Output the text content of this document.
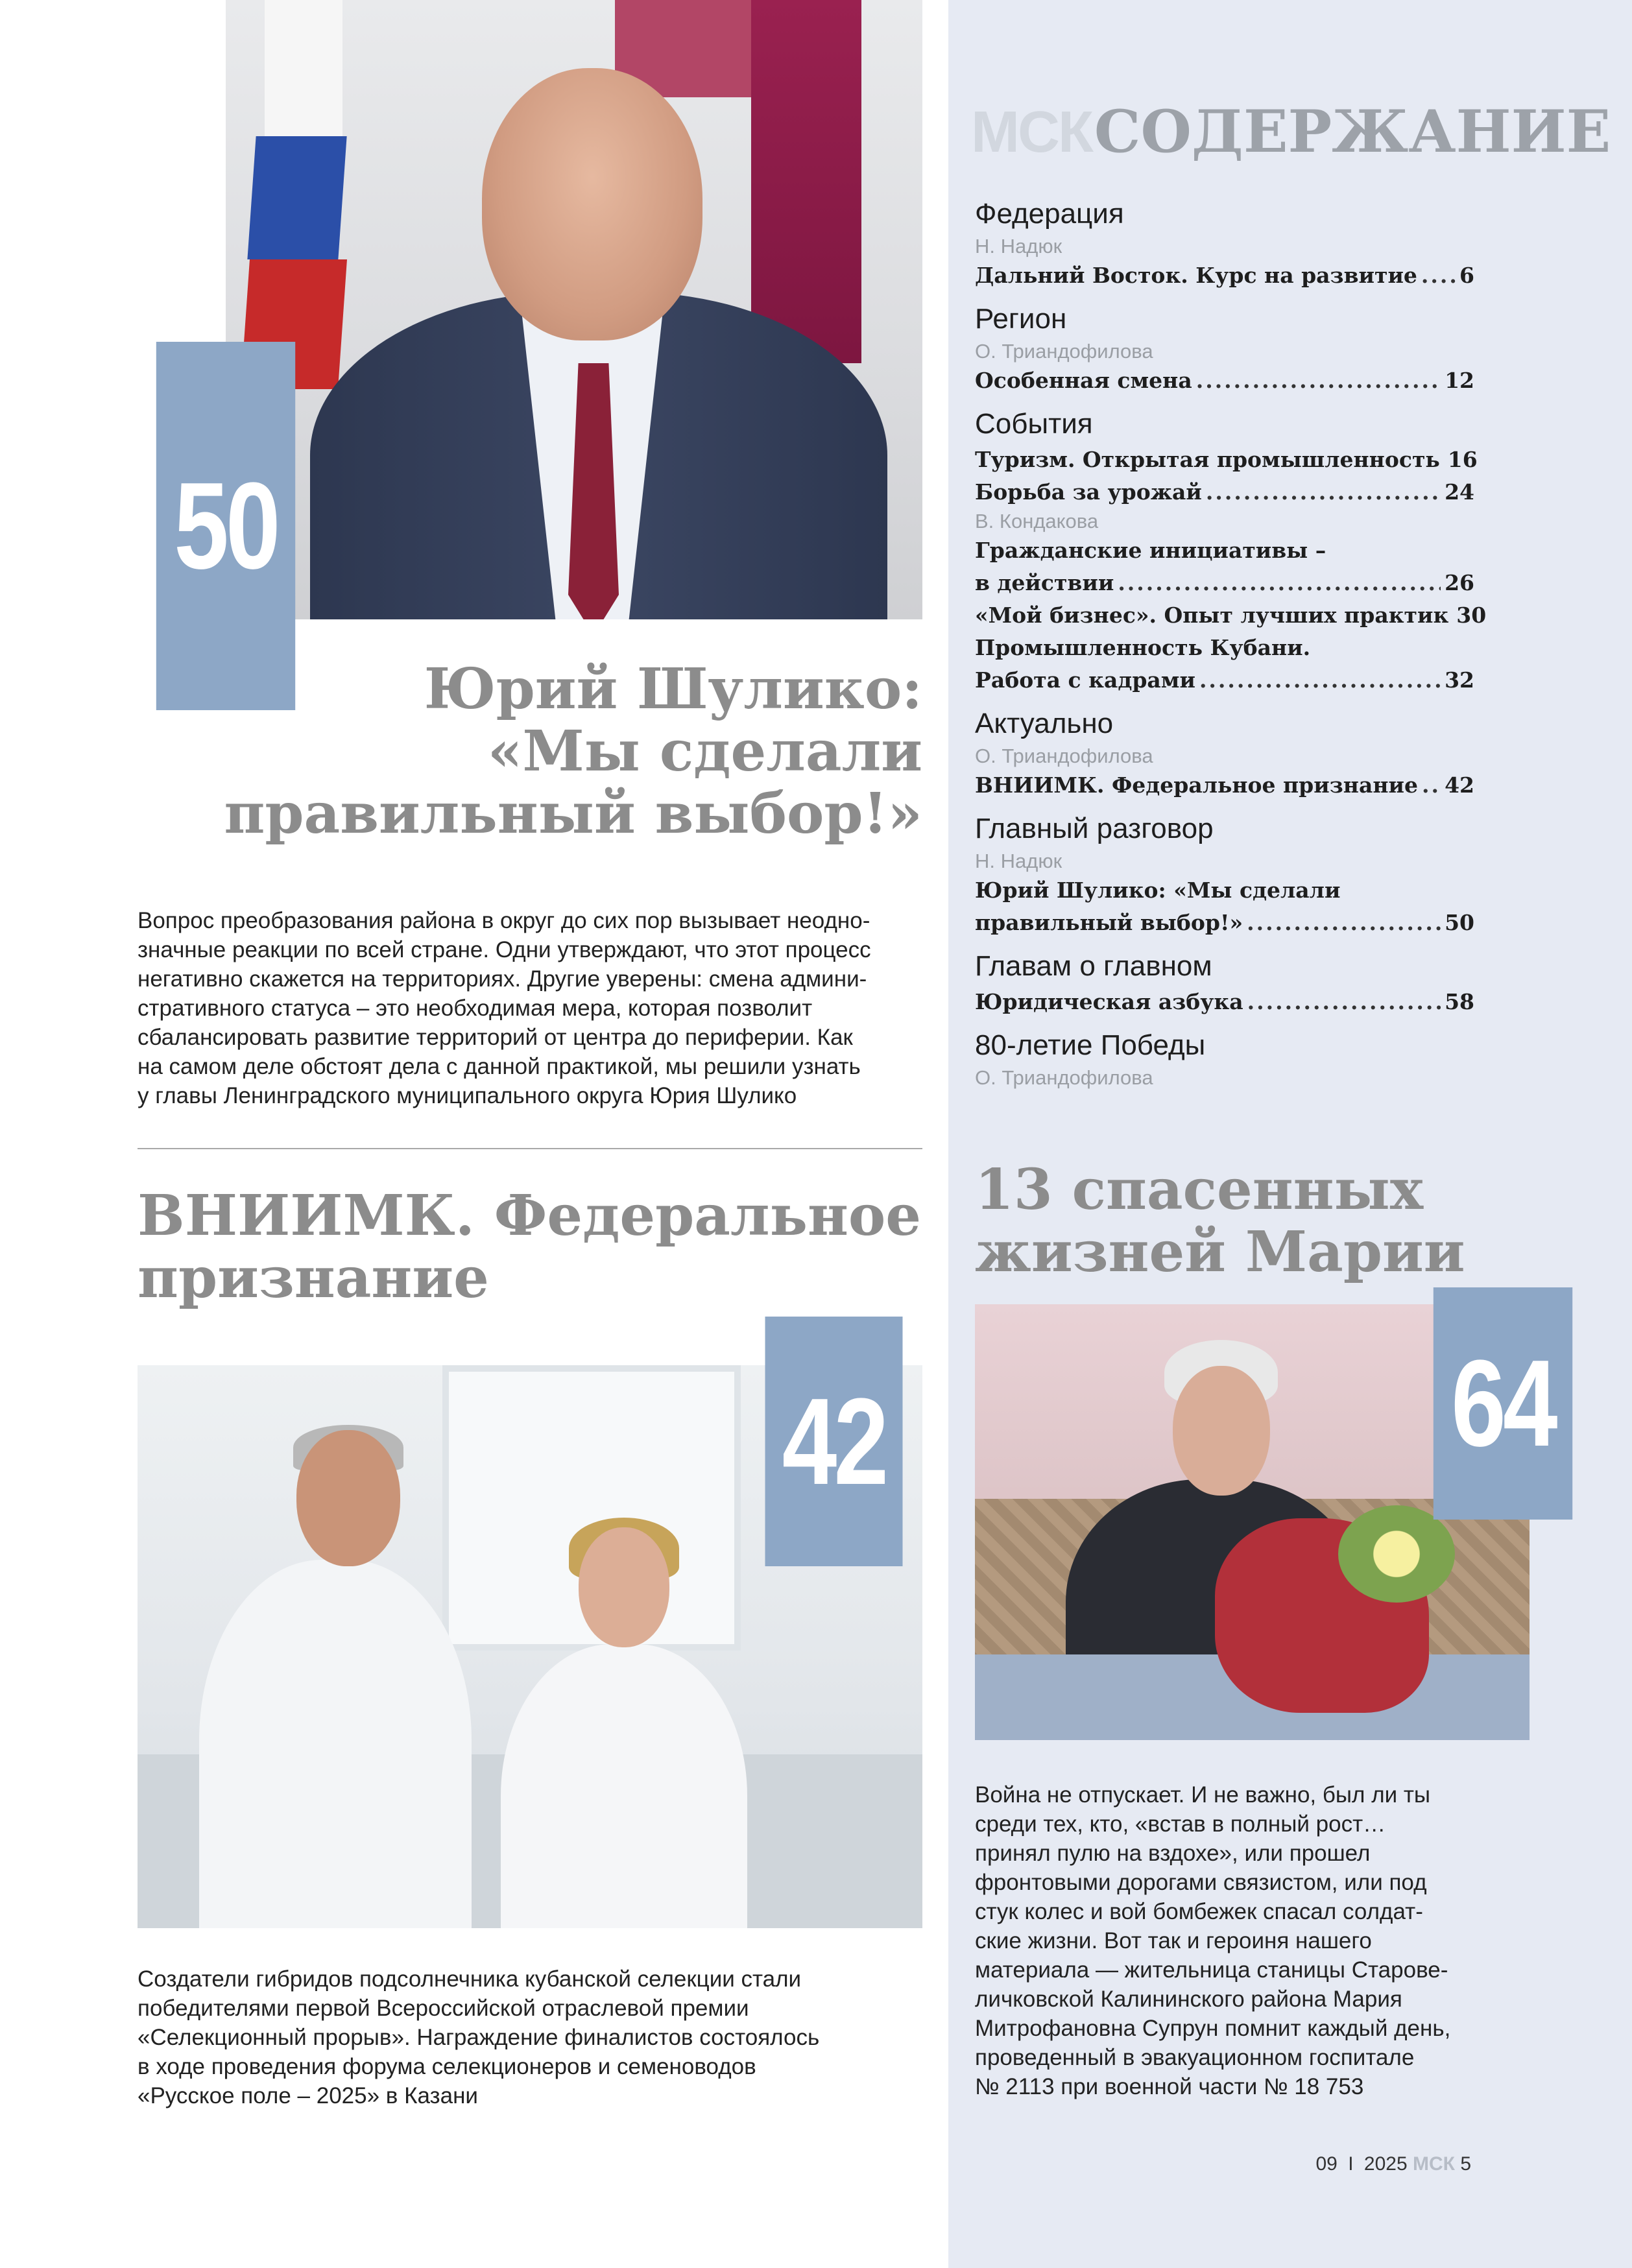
50
Юрий Шулико:
«Мы сделали
правильный выбор!»
Вопрос преобразования района в округ до сих пор вызывает неодно-
значные реакции по всей стране. Одни утверждают, что этот процесс
негативно скажется на территориях. Другие уверены: смена админи-
стративного статуса – это необходимая мера, которая позволит
сбалансировать развитие территорий от центра до периферии. Как
на самом деле обстоят дела с данной практикой, мы решили узнать
у главы Ленинградского муниципального округа Юрия Шулико
ВНИИМК. Федеральное
признание
42
Создатели гибридов подсолнечника кубанской селекции стали
победителями первой Всероссийской отраслевой премии
«Селекционный прорыв». Награждение финалистов состоялось
в ходе проведения форума селекционеров и семеноводов
«Русское поле – 2025» в Казани
МСКСОДЕРЖАНИЕ
Федерация
Н. Надюк
Дальний Восток. Курс на развитие ..... 6
Регион
О. Триандофилова
Особенная смена .....	12
События
Туризм. Открытая промышленность 16
Борьба за урожай .....	24
В. Кондакова
Гражданские инициативы –
в действии .....	26
«Мой бизнес». Опыт лучших практик 30
Промышленность Кубани.
Работа с кадрами .....	32
Актуально
О. Триандофилова
ВНИИМК. Федеральное признание ..... 42
Главный разговор
Н. Надюк
Юрий Шулико: «Мы сделали
правильный выбор!» .....	50
Главам о главном
Юридическая азбука .....	58
80-летие Победы
О. Триандофилова
13 спасенных
жизней Марии
64
Война не отпускает. И не важно, был ли ты
среди тех, кто, «встав в полный рост…
принял пулю на вздохе», или прошел
фронтовыми дорогами связистом, или под
стук колес и вой бомбежек спасал солдат-
ские жизни. Вот так и героиня нашего
материала — жительница станицы Старове-
личковской Калининского района Мария
Митрофановна Супрун помнит каждый день,
проведенный в эвакуационном госпитале
№ 2113 при военной части № 18 753
09 I 2025 МСК 5
